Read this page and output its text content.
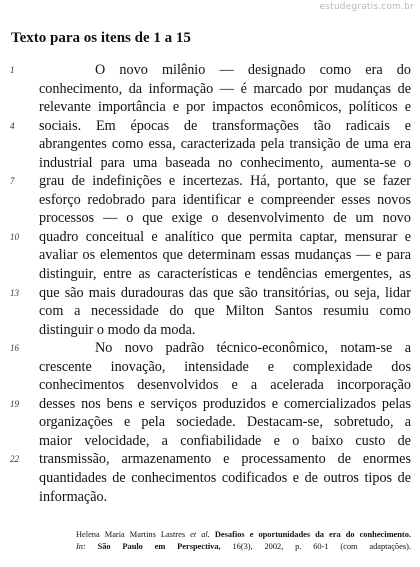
estudegratis.com.br
Texto para os itens de 1 a 15
1	O novo milênio — designado como era do
conhecimento, da informação — é marcado por mudanças de
relevante importância e por impactos econômicos, políticos e
4	sociais. Em épocas de transformações tão radicais e
abrangentes como essa, caracterizada pela transição de uma era
industrial para uma baseada no conhecimento, aumenta-se o
7	grau de indefinições e incertezas. Há, portanto, que se fazer
esforço redobrado para identificar e compreender esses novos
processos — o que exige o desenvolvimento de um novo
10	quadro conceitual e analítico que permita captar, mensurar e
avaliar os elementos que determinam essas mudanças — e para
distinguir, entre as características e tendências emergentes, as
13	que são mais duradouras das que são transitórias, ou seja, lidar
com a necessidade do que Milton Santos resumiu como
distinguir o modo da moda.
16	No novo padrão técnico-econômico, notam-se a
crescente inovação, intensidade e complexidade dos
conhecimentos desenvolvidos e a acelerada incorporação
19	desses nos bens e serviços produzidos e comercializados pelas
organizações e pela sociedade. Destacam-se, sobretudo, a
maior velocidade, a confiabilidade e o baixo custo de
22	transmissão, armazenamento e processamento de enormes
quantidades de conhecimentos codificados e de outros tipos de
informação.
Helena Maria Martins Lastres et al. Desafios e oportunidades da era do conhecimento.
In: São Paulo em Perspectiva, 16(3), 2002, p. 60-1 (com adaptações).
